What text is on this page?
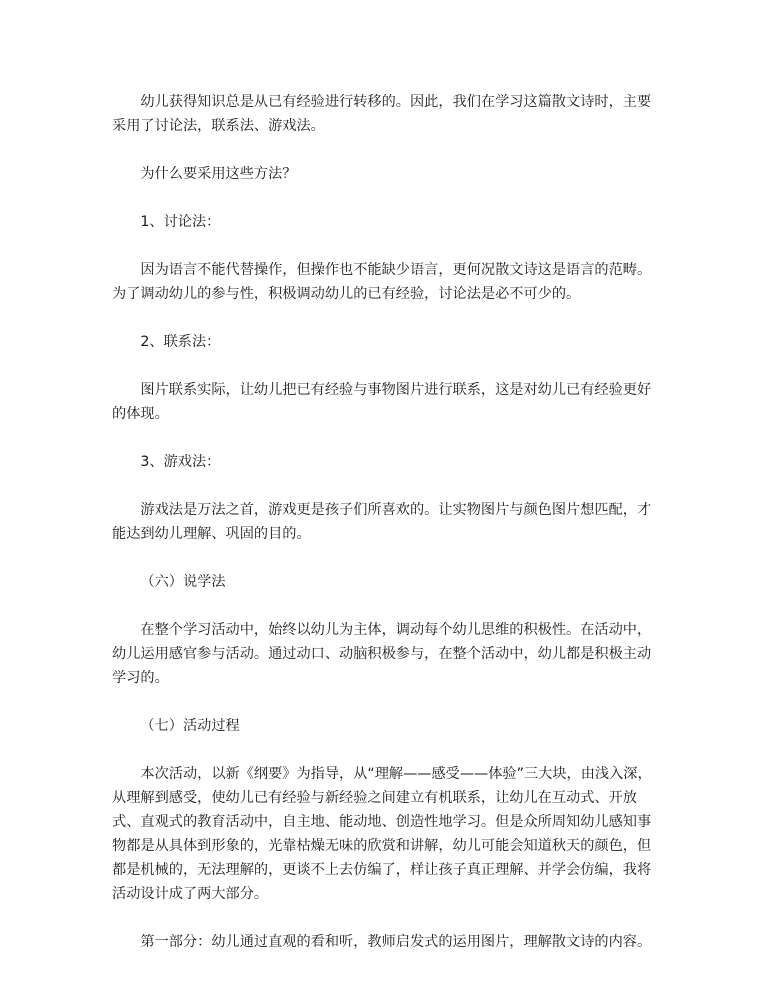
幼儿获得知识总是从已有经验进行转移的。因此，我们在学习这篇散文诗时，主要采用了讨论法，联系法、游戏法。

为什么要采用这些方法？

1、讨论法：

因为语言不能代替操作，但操作也不能缺少语言，更何况散文诗这是语言的范畴。为了调动幼儿的参与性，积极调动幼儿的已有经验，讨论法是必不可少的。

2、联系法：

图片联系实际，让幼儿把已有经验与事物图片进行联系，这是对幼儿已有经验更好的体现。

3、游戏法：

游戏法是万法之首，游戏更是孩子们所喜欢的。让实物图片与颜色图片想匹配，才能达到幼儿理解、巩固的目的。

（六）说学法

在整个学习活动中，始终以幼儿为主体，调动每个幼儿思维的积极性。在活动中，幼儿运用感官参与活动。通过动口、动脑积极参与，在整个活动中，幼儿都是积极主动学习的。

（七）活动过程

本次活动，以新《纲要》为指导，从“理解——感受——体验”三大块，由浅入深，从理解到感受，使幼儿已有经验与新经验之间建立有机联系，让幼儿在互动式、开放式、直观式的教育活动中，自主地、能动地、创造性地学习。但是众所周知幼儿感知事物都是从具体到形象的，光靠枯燥无味的欣赏和讲解，幼儿可能会知道秋天的颜色，但都是机械的，无法理解的，更谈不上去仿编了，样让孩子真正理解、并学会仿编，我将活动设计成了两大部分。

第一部分：幼儿通过直观的看和听，教师启发式的运用图片，理解散文诗的内容。
